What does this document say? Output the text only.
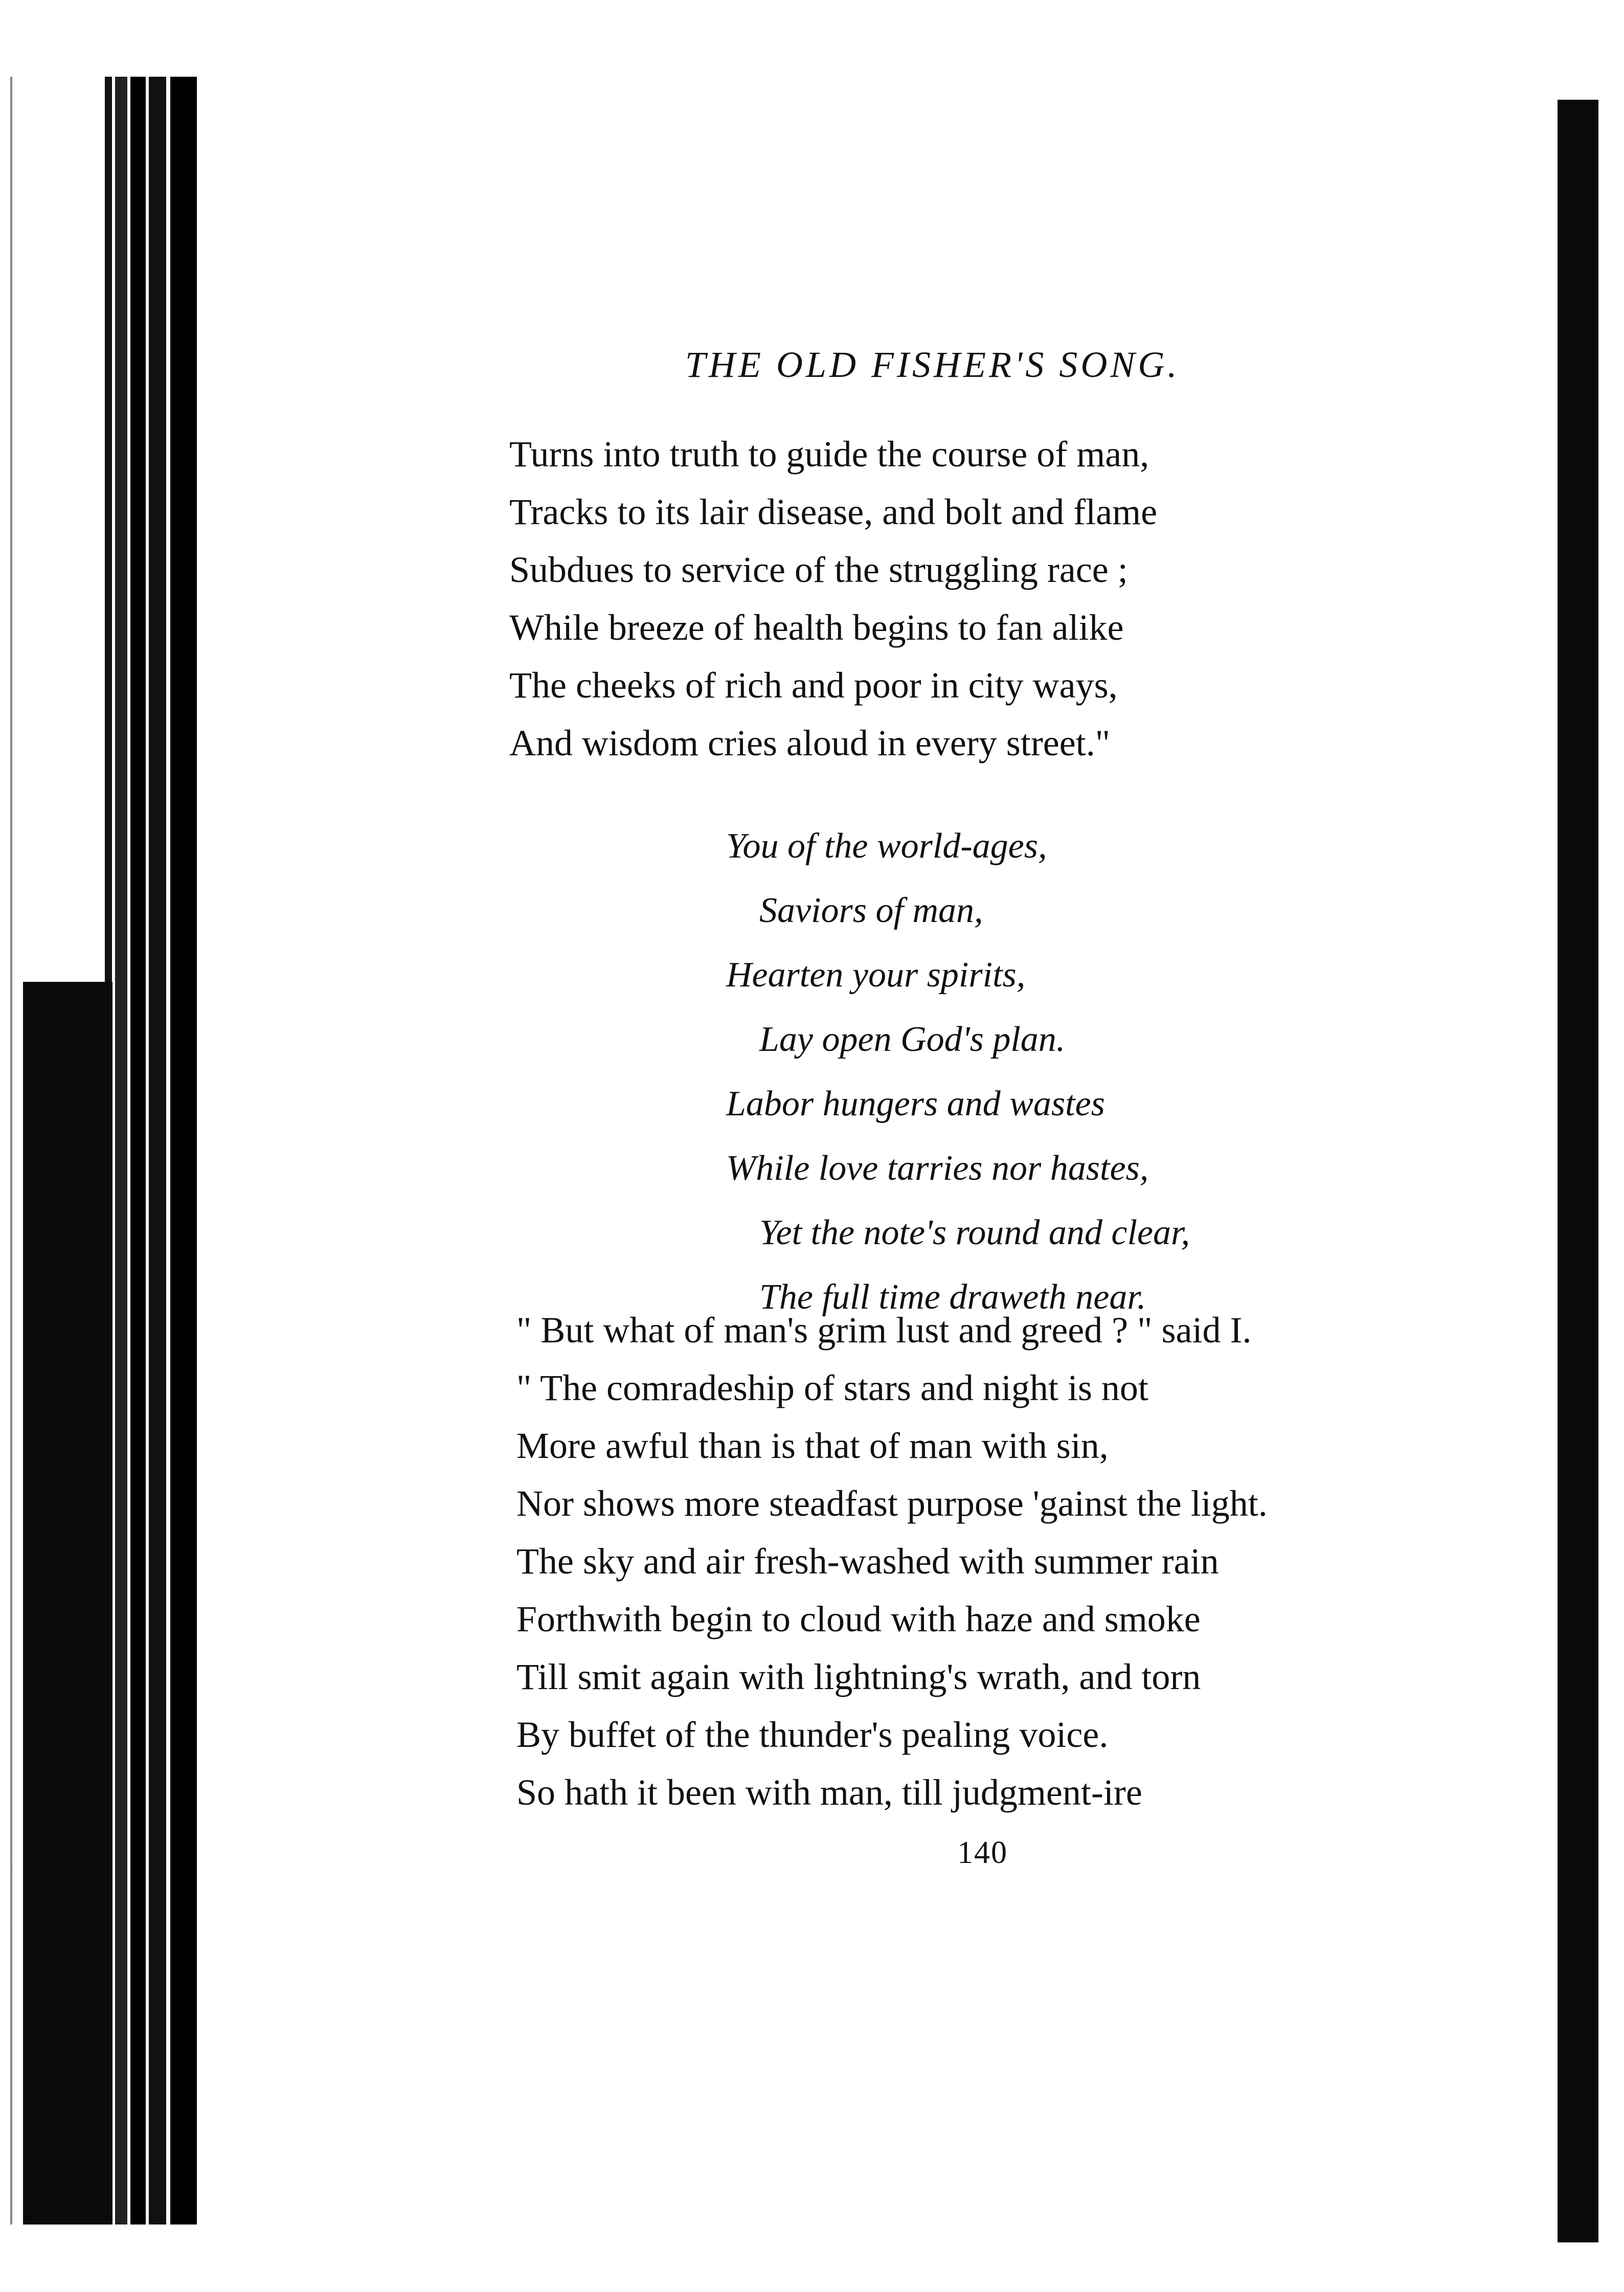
THE OLD FISHER'S SONG.
Turns into truth to guide the course of man,
Tracks to its lair disease, and bolt and flame
Subdues to service of the struggling race ;
While breeze of health begins to fan alike
The cheeks of rich and poor in city ways,
And wisdom cries aloud in every street."
You of the world-ages,
Saviors of man,
Hearten your spirits,
Lay open God's plan.
Labor hungers and wastes
While love tarries nor hastes,
Yet the note's round and clear,
The full time draweth near.
" But what of man's grim lust and greed ? " said I.
" The comradeship of stars and night is not
More awful than is that of man with sin,
Nor shows more steadfast purpose 'gainst the light.
The sky and air fresh-washed with summer rain
Forthwith begin to cloud with haze and smoke
Till smit again with lightning's wrath, and torn
By buffet of the thunder's pealing voice.
So hath it been with man, till judgment-ire
140
